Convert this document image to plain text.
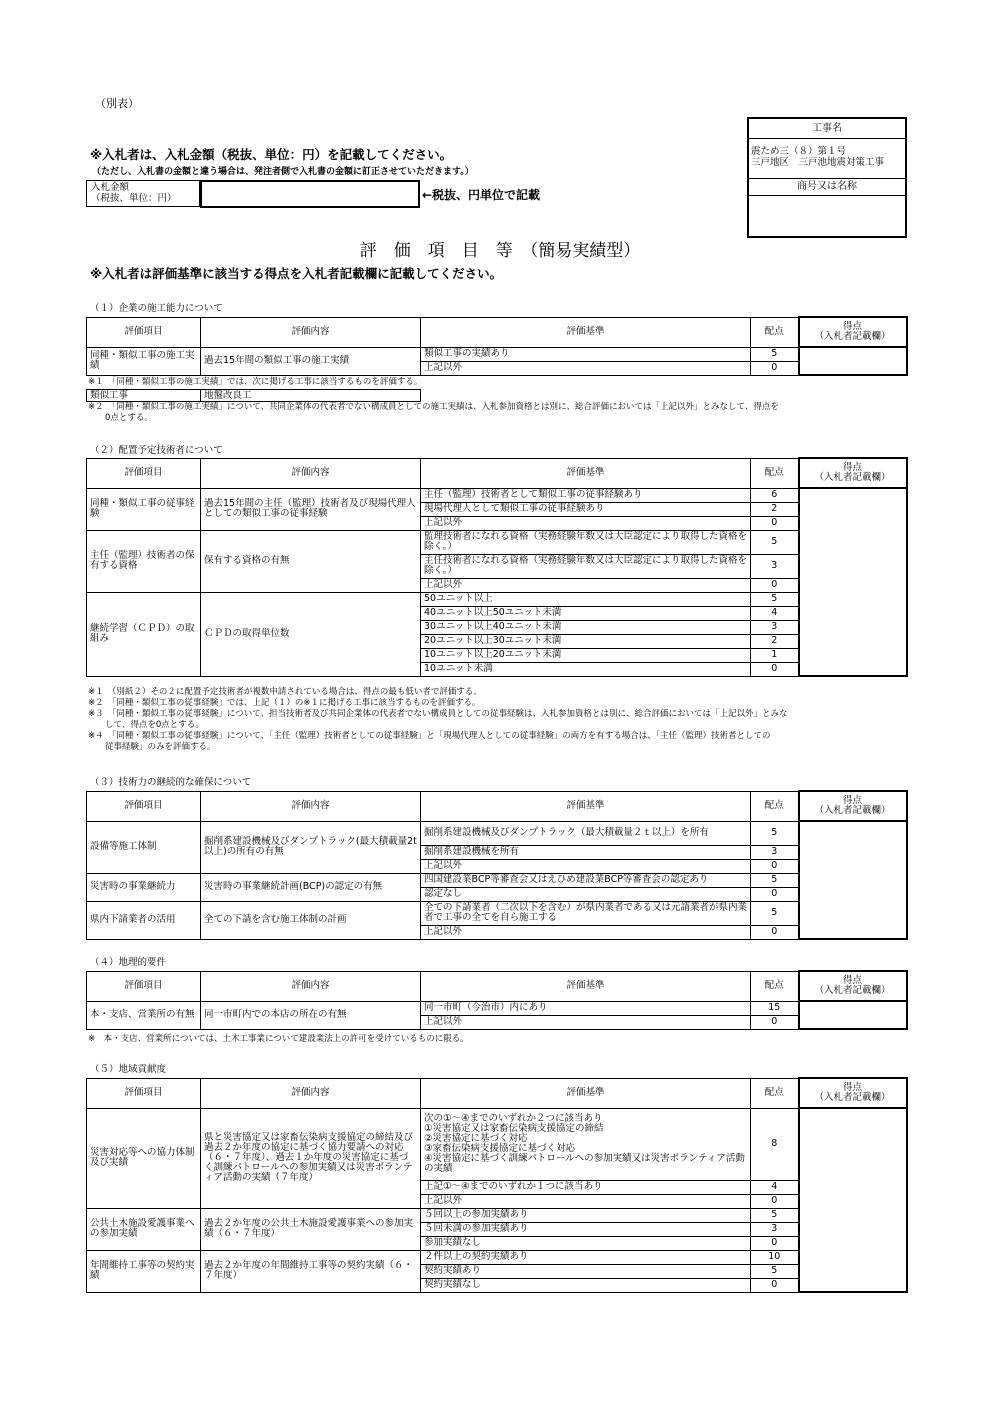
（別表）
※入札者は、入札金額（税抜、単位：円）を記載してください。
（ただし、入札書の金額と違う場合は、発注者側で入札書の金額に訂正させていただきます。）
入札金額
（税抜、単位：円）	←税抜、円単位で記載
工事名
震ため三（８）第１号
三戸地区　三戸池地震対策工事
商号又は名称
評　価　項　目　等　（簡易実績型）
※入札者は評価基準に該当する得点を入札者記載欄に記載してください。
（１）企業の施工能力について
評価項目	評価内容	評価基準	配点	得点
（入札者記載欄）

同種・類似工事の施工実績	過去15年間の類似工事の施工実績	類似工事の実績あり	5	
		上記以外	0	
※１　「同種・類似工事の施工実績」では、次に掲げる工事に該当するものを評価する。
類似工事	地盤改良工
※２　「同種・類似工事の施工実績」について、共同企業体の代表者でない構成員としての施工実績は、入札参加資格とは別に、総合評価においては「上記以外」とみなして、得点を
　　0点とする。
（２）配置予定技術者について
評価項目	評価内容	評価基準	配点	得点
（入札者記載欄）

同種・類似工事の従事経験	過去15年間の主任（監理）技術者及び現場代理人としての類似工事の従事経験	主任（監理）技術者として類似工事の従事経験あり	6	
		現場代理人として類似工事の従事経験あり	2	
		上記以外	0	
主任（監理）技術者の保有する資格	保有する資格の有無	監理技術者になれる資格（実務経験年数又は大臣認定により取得した資格を除く。）	5	
		主任技術者になれる資格（実務経験年数又は大臣認定により取得した資格を除く。）	3	
		上記以外	0	
継続学習（ＣＰＤ）の取組み	ＣＰＤの取得単位数	50ユニット以上	5	
		40ユニット以上50ユニット未満	4	
		30ユニット以上40ユニット未満	3	
		20ユニット以上30ユニット未満	2	
		10ユニット以上20ユニット未満	1	
		10ユニット未満	0	
※１　（別紙２）その２に配置予定技術者が複数申請されている場合は、得点の最も低い者で評価する。
※２　「同種・類似工事の従事経験」では、上記（１）の※１に掲げる工事に該当するものを評価する。
※３　「同種・類似工事の従事経験」について、担当技術者及び共同企業体の代表者でない構成員としての従事経験は、入札参加資格とは別に、総合評価においては「上記以外」とみな
　　して、得点を0点とする。
※４　「同種・類似工事の従事経験」について、「主任（監理）技術者としての従事経験」と「現場代理人としての従事経験」の両方を有する場合は、「主任（監理）技術者としての
　　従事経験」のみを評価する。
（３）技術力の継続的な確保について
評価項目	評価内容	評価基準	配点	得点
（入札者記載欄）

設備等施工体制	掘削系建設機械及びダンプトラック(最大積載量2t以上)の所有の有無	掘削系建設機械及びダンプトラック（最大積載量２ｔ以上）を所有	5	
		掘削系建設機械を所有	3	
		上記以外	0	
災害時の事業継続力	災害時の事業継続計画(BCP)の認定の有無	四国建設業BCP等審査会又はえひめ建設業BCP等審査会の認定あり	5	
		認定なし	0	
県内下請業者の活用	全ての下請を含む施工体制の計画	全ての下請業者（二次以下を含む）が県内業者である又は元請業者が県内業者で工事の全てを自ら施工する	5	
		上記以外	0	
（４）地理的要件
評価項目	評価内容	評価基準	配点	得点
（入札者記載欄）

本・支店、営業所の有無	同一市町内での本店の所在の有無	同一市町（今治市）内にあり	15	
		上記以外	0	
※　本・支店、営業所については、土木工事業について建設業法上の許可を受けているものに限る。
（５）地域貢献度
評価項目	評価内容	評価基準	配点	得点
（入札者記載欄）

災害対応等への協力体制及び実績	県と災害協定又は家畜伝染病支援協定の締結及び過去２か年度の協定に基づく協力要請への対応（６・７年度）、過去１か年度の災害協定に基づく訓練パトロールへの参加実績又は災害ボランティア活動の実績（７年度）	次の①～④までのいずれか２つに該当あり
①災害協定又は家畜伝染病支援協定の締結
②災害協定に基づく対応
③家畜伝染病支援協定に基づく対応
④災害協定に基づく訓練パトロールへの参加実績又は災害ボランティア活動の実績	8	
		上記①～④までのいずれか１つに該当あり	4	
		上記以外	0	
公共土木施設愛護事業への参加実績	過去２か年度の公共土木施設愛護事業への参加実績（６・７年度）	５回以上の参加実績あり	5	
		５回未満の参加実績あり	3	
		参加実績なし	0	
年間維持工事等の契約実績	過去２か年度の年間維持工事等の契約実績（６・７年度）	２件以上の契約実績あり	10	
		契約実績あり	5	
		契約実績なし	0	
